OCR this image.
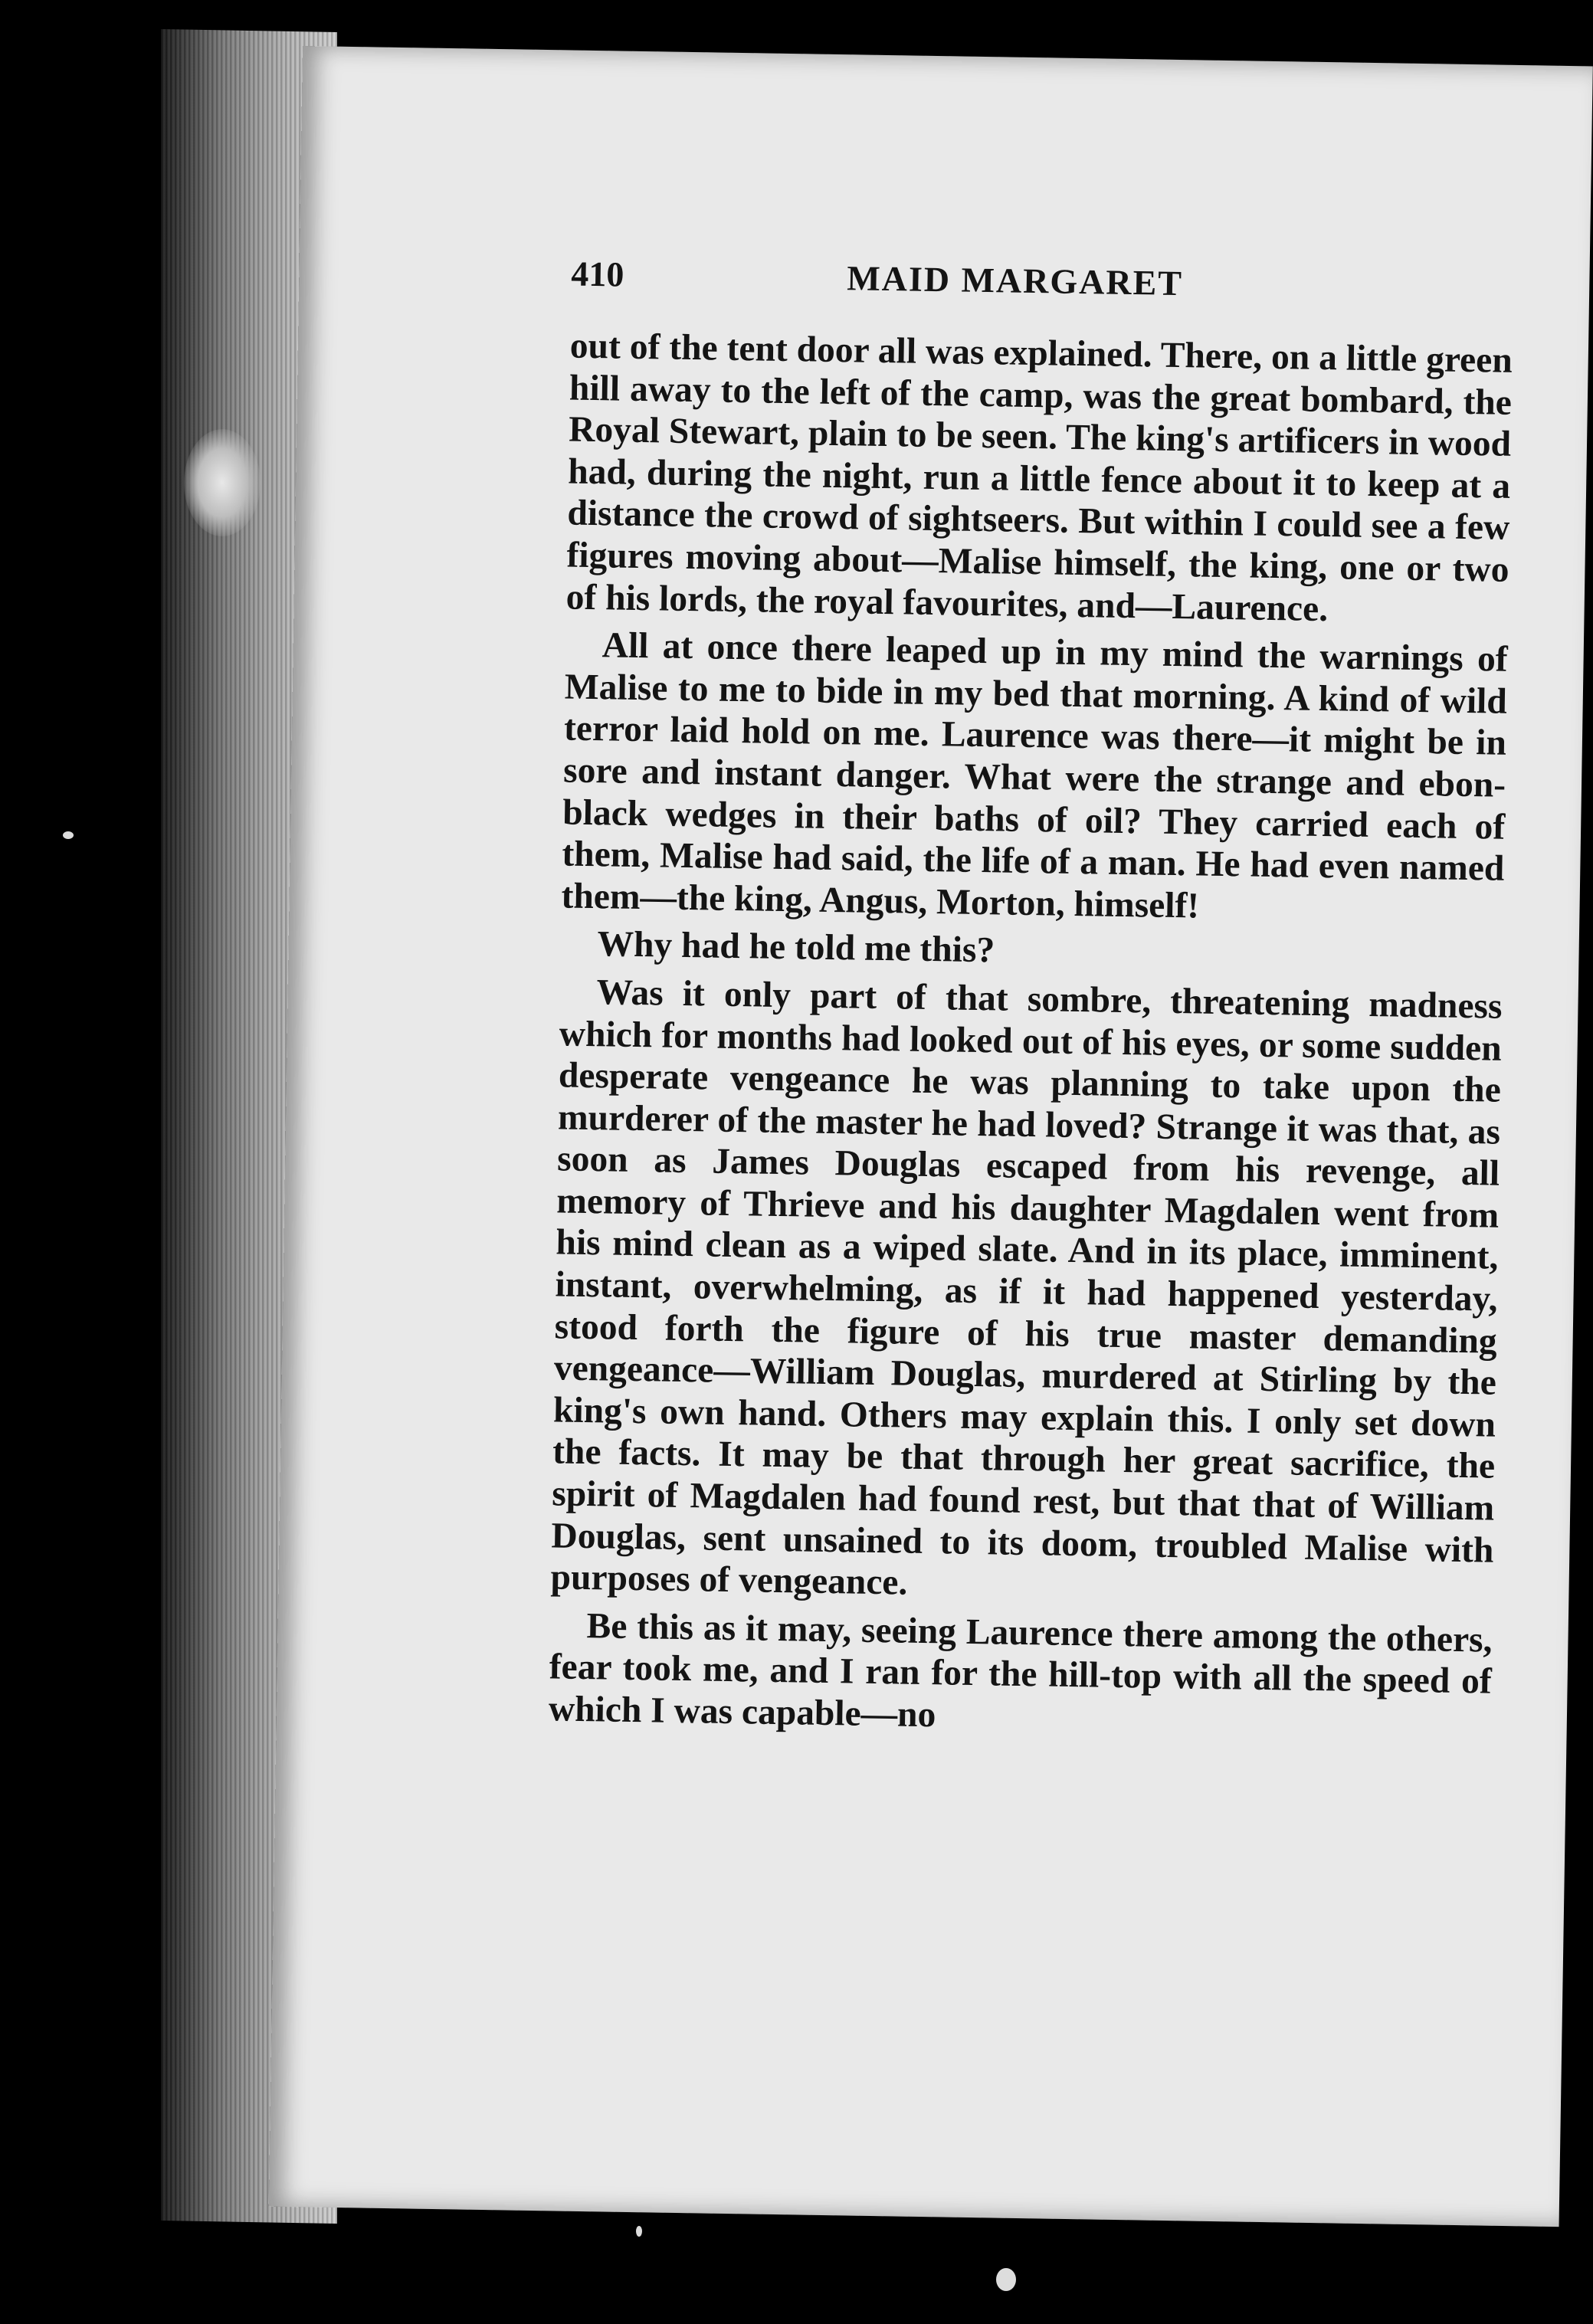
410	MAID MARGARET

out of the tent door all was explained. There, on a little green hill away to the left of the camp, was the great bombard, the Royal Stewart, plain to be seen. The king's artificers in wood had, during the night, run a little fence about it to keep at a distance the crowd of sightseers. But within I could see a few figures moving about—Malise himself, the king, one or two of his lords, the royal favourites, and—Laurence.

All at once there leaped up in my mind the warnings of Malise to me to bide in my bed that morning. A kind of wild terror laid hold on me. Laurence was there—it might be in sore and instant danger. What were the strange and ebon-black wedges in their baths of oil? They carried each of them, Malise had said, the life of a man. He had even named them—the king, Angus, Morton, himself!

Why had he told me this?

Was it only part of that sombre, threatening madness which for months had looked out of his eyes, or some sudden desperate vengeance he was planning to take upon the murderer of the master he had loved? Strange it was that, as soon as James Douglas escaped from his revenge, all memory of Thrieve and his daughter Magdalen went from his mind clean as a wiped slate. And in its place, imminent, instant, overwhelming, as if it had happened yesterday, stood forth the figure of his true master demanding vengeance—William Douglas, murdered at Stirling by the king's own hand. Others may explain this. I only set down the facts. It may be that through her great sacrifice, the spirit of Magdalen had found rest, but that that of William Douglas, sent unsained to its doom, troubled Malise with purposes of vengeance.

Be this as it may, seeing Laurence there among the others, fear took me, and I ran for the hill-top with all the speed of which I was capable—no
